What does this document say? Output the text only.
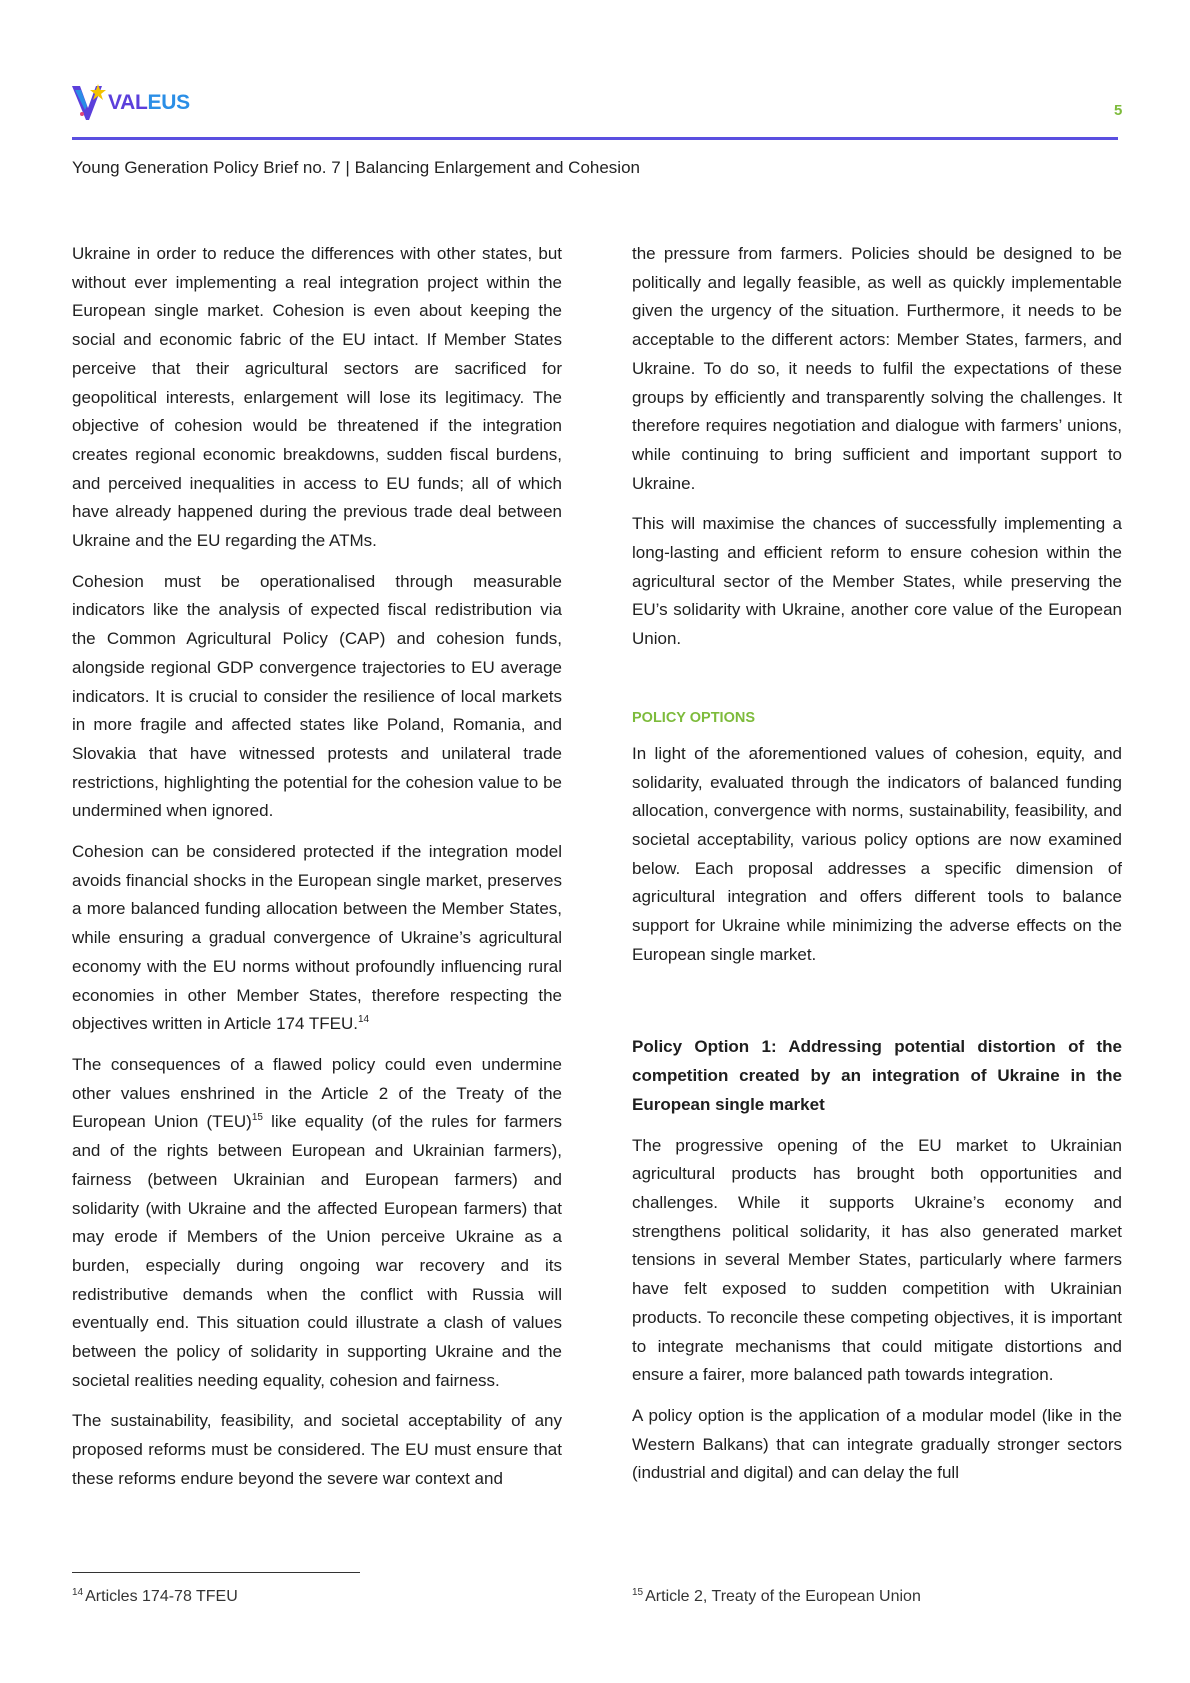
VALEUS	5
Young Generation Policy Brief no. 7 | Balancing Enlargement and Cohesion

Ukraine in order to reduce the differences with other states, but without ever implementing a real integration project within the European single market. Cohesion is even about keeping the social and economic fabric of the EU intact. If Member States perceive that their agricultural sectors are sacrificed for geopolitical interests, enlargement will lose its legitimacy. The objective of cohesion would be threatened if the integration creates regional economic breakdowns, sudden fiscal burdens, and perceived inequalities in access to EU funds; all of which have already happened during the previous trade deal between Ukraine and the EU regarding the ATMs.

Cohesion must be operationalised through measurable indicators like the analysis of expected fiscal redistribution via the Common Agricultural Policy (CAP) and cohesion funds, alongside regional GDP convergence trajectories to EU average indicators. It is crucial to consider the resilience of local markets in more fragile and affected states like Poland, Romania, and Slovakia that have witnessed protests and unilateral trade restrictions, highlighting the potential for the cohesion value to be undermined when ignored.

Cohesion can be considered protected if the integration model avoids financial shocks in the European single market, preserves a more balanced funding allocation between the Member States, while ensuring a gradual convergence of Ukraine’s agricultural economy with the EU norms without profoundly influencing rural economies in other Member States, therefore respecting the objectives written in Article 174 TFEU.$^{14}$

The consequences of a flawed policy could even undermine other values enshrined in the Article 2 of the Treaty of the European Union (TEU)$^{15}$ like equality (of the rules for farmers and of the rights between European and Ukrainian farmers), fairness (between Ukrainian and European farmers) and solidarity (with Ukraine and the affected European farmers) that may erode if Members of the Union perceive Ukraine as a burden, especially during ongoing war recovery and its redistributive demands when the conflict with Russia will eventually end. This situation could illustrate a clash of values between the policy of solidarity in supporting Ukraine and the societal realities needing equality, cohesion and fairness.

The sustainability, feasibility, and societal acceptability of any proposed reforms must be considered. The EU must ensure that these reforms endure beyond the severe war context and

the pressure from farmers. Policies should be designed to be politically and legally feasible, as well as quickly implementable given the urgency of the situation. Furthermore, it needs to be acceptable to the different actors: Member States, farmers, and Ukraine. To do so, it needs to fulfil the expectations of these groups by efficiently and transparently solving the challenges. It therefore requires negotiation and dialogue with farmers’ unions, while continuing to bring sufficient and important support to Ukraine.

This will maximise the chances of successfully implementing a long-lasting and efficient reform to ensure cohesion within the agricultural sector of the Member States, while preserving the EU’s solidarity with Ukraine, another core value of the European Union.

POLICY OPTIONS

In light of the aforementioned values of cohesion, equity, and solidarity, evaluated through the indicators of balanced funding allocation, convergence with norms, sustainability, feasibility, and societal acceptability, various policy options are now examined below. Each proposal addresses a specific dimension of agricultural integration and offers different tools to balance support for Ukraine while minimizing the adverse effects on the European single market.

Policy Option 1: Addressing potential distortion of the competition created by an integration of Ukraine in the European single market

The progressive opening of the EU market to Ukrainian agricultural products has brought both opportunities and challenges. While it supports Ukraine’s economy and strengthens political solidarity, it has also generated market tensions in several Member States, particularly where farmers have felt exposed to sudden competition with Ukrainian products. To reconcile these competing objectives, it is important to integrate mechanisms that could mitigate distortions and ensure a fairer, more balanced path towards integration.

A policy option is the application of a modular model (like in the Western Balkans) that can integrate gradually stronger sectors (industrial and digital) and can delay the full

$^{14}$ Articles 174-78 TFEU	$^{15}$ Article 2, Treaty of the European Union
